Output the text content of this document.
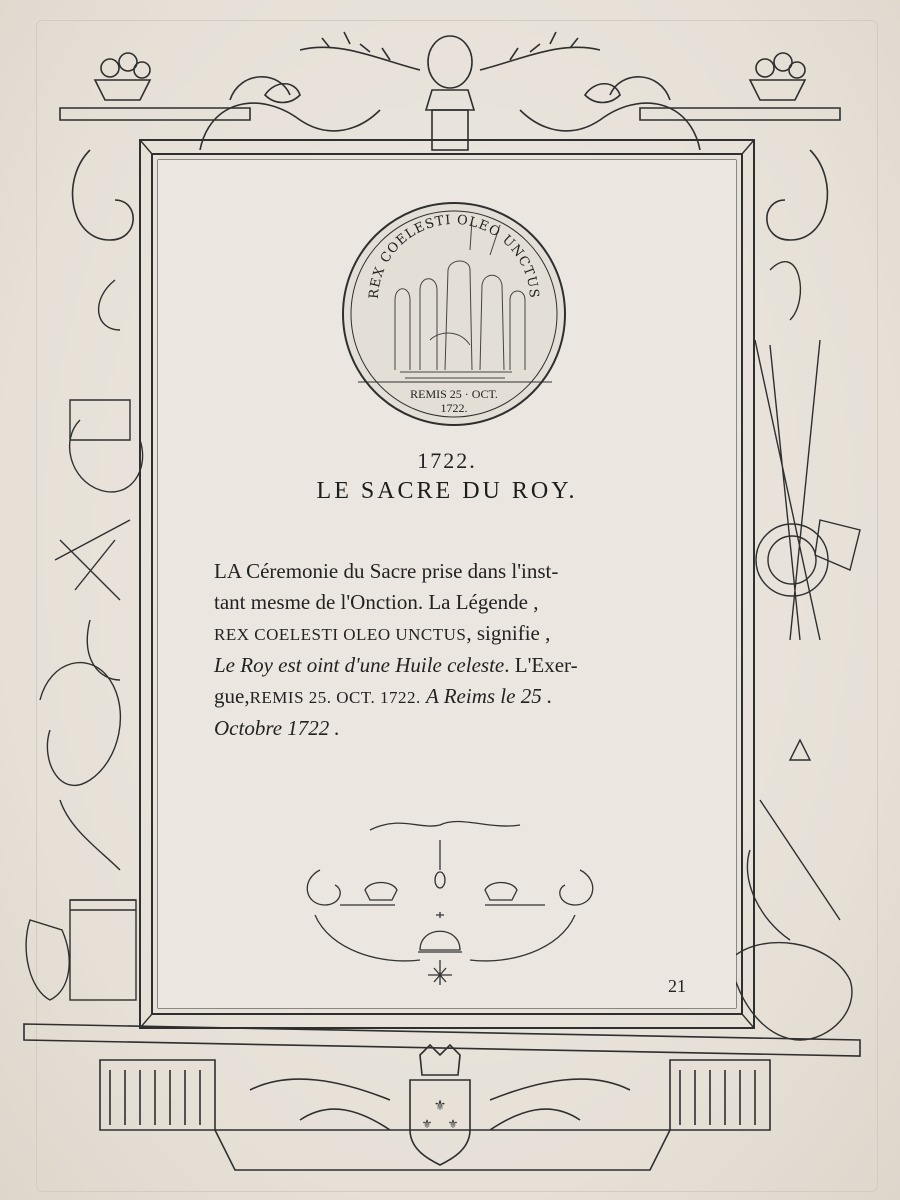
⚜
⚜ ⚜
REX COELESTI OLEO UNCTUS
REMIS 25 · OCT.
1722.
1722.
LE SACRE DU ROY.
LA Céremonie du Sacre prise dans l'inst-
tant mesme de l'Onction. La Légende ,
REX COELESTI OLEO UNCTUS, signifie ,
Le Roy est oint d'une Huile celeste. L'Exer-
gue,REMIS 25. OCT. 1722. A Reims le 25 .
Octobre 1722 .
21
